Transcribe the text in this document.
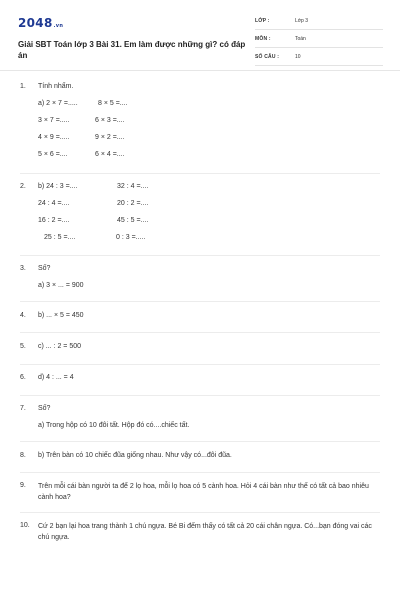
2048.vn
Giải SBT Toán lớp 3 Bài 31. Em làm được những gì? có đáp án
LỚP :	Lớp 3
MÔN :	Toán
SỐ CÂU :	10
1.	Tính nhẩm.
a) 2 × 7 =.....	8 × 5 =....
3 × 7 =.....	6 × 3 =....
4 × 9 =.....	9 × 2 =....
5 × 6 =....	6 × 4 =....
2.	b) 24 : 3 =....	32 : 4 =....
24 : 4 =....	20 : 2 =....
16 : 2 =....	45 : 5 =....
25 : 5 =....	0 : 3 =.....
3.	Số?
a) 3 × ... = 900
4.	b) ... × 5 = 450
5.	c) ... : 2 = 500
6.	d) 4 : ... = 4
7.	Số?
a) Trong hộp có 10 đôi tất. Hộp đó có....chiếc tất.
8.	b) Trên bàn có 10 chiếc đũa giống nhau. Như vậy có...đôi đũa.
9.	Trên mỗi cái bàn người ta để 2 lọ hoa, mỗi lọ hoa có 5 cành hoa. Hỏi 4 cái bàn như thế có tất cả bao nhiêu cành hoa?
10.	Cứ 2 bạn lại hoa trang thành 1 chú ngựa. Bé Bi đếm thấy có tất cả 20 cái chân ngựa. Có...bạn đóng vai các chú ngựa.
